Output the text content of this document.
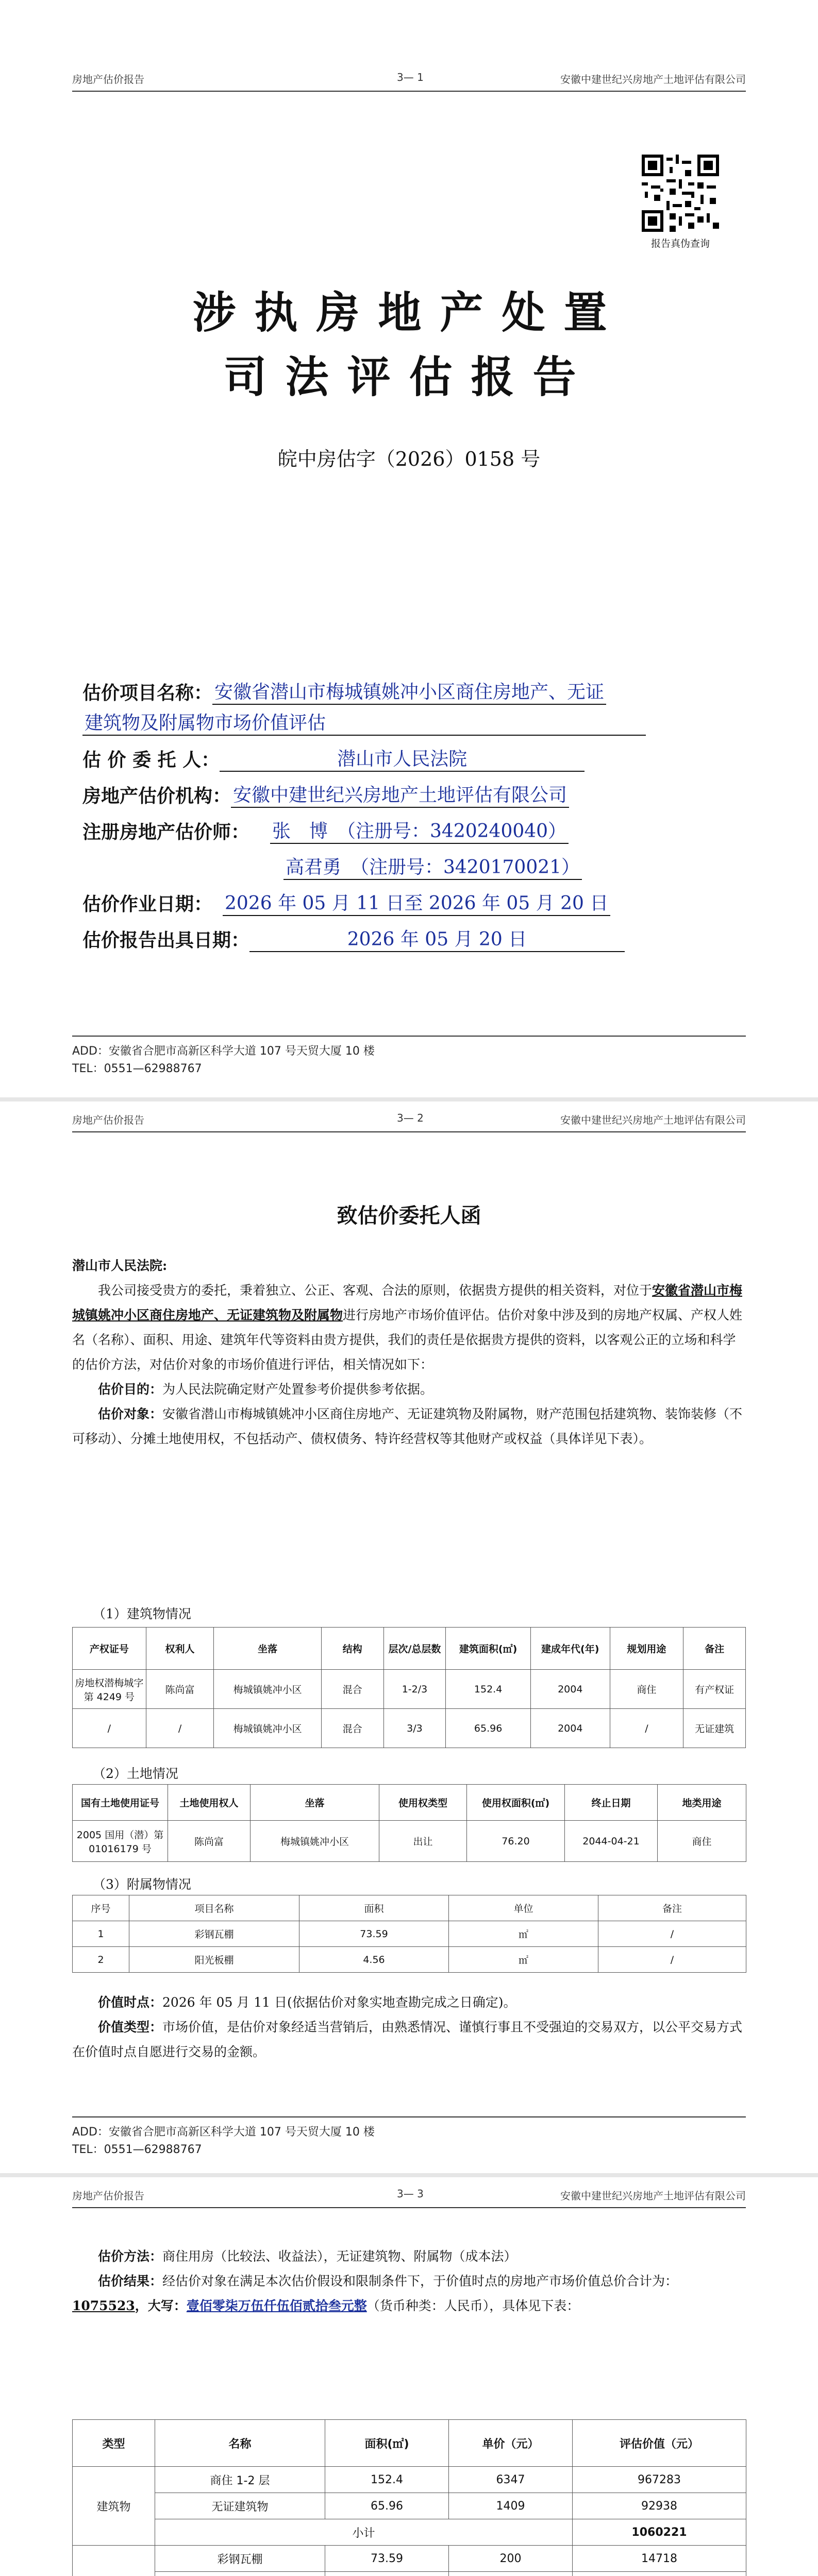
房地产估价报告	3— 1	安徽中建世纪兴房地产土地评估有限公司
报告真伪查询
涉执房地产处置
司法评估报告
皖中房估字（2026）0158 号
估价项目名称： 安徽省潜山市梅城镇姚冲小区商住房地产、无证
建筑物及附属物市场价值评估
估 价 委 托 人：	潜山市人民法院
房地产估价机构： 安徽中建世纪兴房地产土地评估有限公司
注册房地产估价师： 张　博　（注册号：3420240040）
高君勇　（注册号：3420170021）
估价作业日期： 2026 年 05 月 11 日至 2026 年 05 月 20 日
估价报告出具日期：	2026 年 05 月 20 日
ADD：安徽省合肥市高新区科学大道 107 号天贸大厦 10 楼
TEL：0551—62988767
房地产估价报告	3— 2	安徽中建世纪兴房地产土地评估有限公司
致估价委托人函
潜山市人民法院:

我公司接受贵方的委托，秉着独立、公正、客观、合法的原则，依据贵方提供的相关资料，对位于安徽省潜山市梅城镇姚冲小区商住房地产、无证建筑物及附属物进行房地产市场价值评估。估价对象中涉及到的房地产权属、产权人姓名（名称）、面积、用途、建筑年代等资料由贵方提供，我们的责任是依据贵方提供的资料，以客观公正的立场和科学的估价方法，对估价对象的市场价值进行评估，相关情况如下：

估价目的：为人民法院确定财产处置参考价提供参考依据。

估价对象：安徽省潜山市梅城镇姚冲小区商住房地产、无证建筑物及附属物，财产范围包括建筑物、装饰装修（不可移动）、分摊土地使用权，不包括动产、债权债务、特许经营权等其他财产或权益（具体详见下表）。

（1）建筑物情况
产权证号	权利人	坐落	结构	层次/总层数	建筑面积(㎡)	建成年代(年)	规划用途	备注
房地权潜梅城字第 4249 号	陈尚富	梅城镇姚冲小区	混合	1-2/3	152.4	2004	商住	有产权证
/	/	梅城镇姚冲小区	混合	3/3	65.96	2004	/	无证建筑
（2）土地情况
国有土地使用证号	土地使用权人	坐落	使用权类型	使用权面积(㎡)	终止日期	地类用途
2005 国用（潜）第 01016179 号	陈尚富	梅城镇姚冲小区	出让	76.20	2044-04-21	商住
（3）附属物情况
序号	项目名称	面积	单位	备注
1	彩钢瓦棚	73.59	㎡	/
2	阳光板棚	4.56	㎡	/

价值时点：2026 年 05 月 11 日(依据估价对象实地查勘完成之日确定)。

价值类型：市场价值，是估价对象经适当营销后，由熟悉情况、谨慎行事且不受强迫的交易双方，以公平交易方式在价值时点自愿进行交易的金额。

ADD：安徽省合肥市高新区科学大道 107 号天贸大厦 10 楼
TEL：0551—62988767
房地产估价报告	3— 3	安徽中建世纪兴房地产土地评估有限公司

估价方法：商住用房（比较法、收益法），无证建筑物、附属物（成本法）

估价结果：经估价对象在满足本次估价假设和限制条件下，于价值时点的房地产市场价值总价合计为：1075523，大写：壹佰零柒万伍仟伍佰贰拾叁元整（货币种类：人民币），具体见下表：

类型	名称	面积(㎡)	单价（元）	评估价值（元）
建筑物	商住 1-2 层	152.4	6347	967283
	无证建筑物	65.96	1409	92938
	小计			1060221
	彩钢瓦棚	73.59	200	14718
